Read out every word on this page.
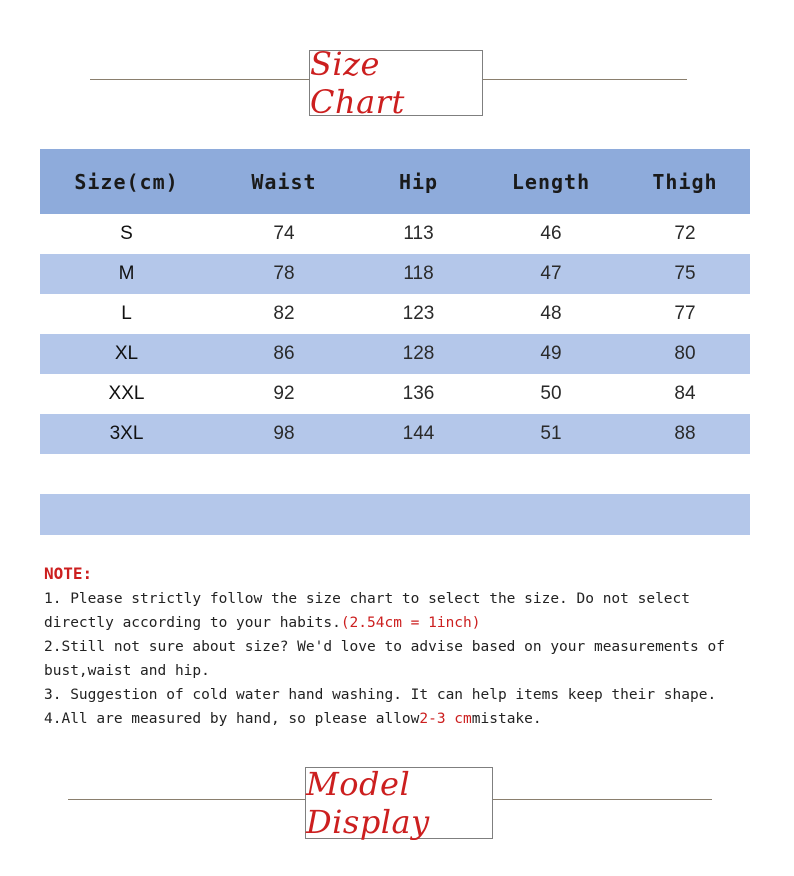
Size Chart
Size(cm)	Waist	Hip	Length	Thigh
S	74	113	46	72
M	78	118	47	75
L	82	123	48	77
XL	86	128	49	80
XXL	92	136	50	84
3XL	98	144	51	88

NOTE:

1. Please strictly follow the size chart to select the size. Do not select directly according to your habits.(2.54cm = 1inch)

2.Still not sure about size? We'd love to advise based on your measurements of bust,waist and hip.

3. Suggestion of cold water hand washing. It can help items keep their shape.

4.All are measured by hand, so please allow2-3 cmmistake.

Model Display
